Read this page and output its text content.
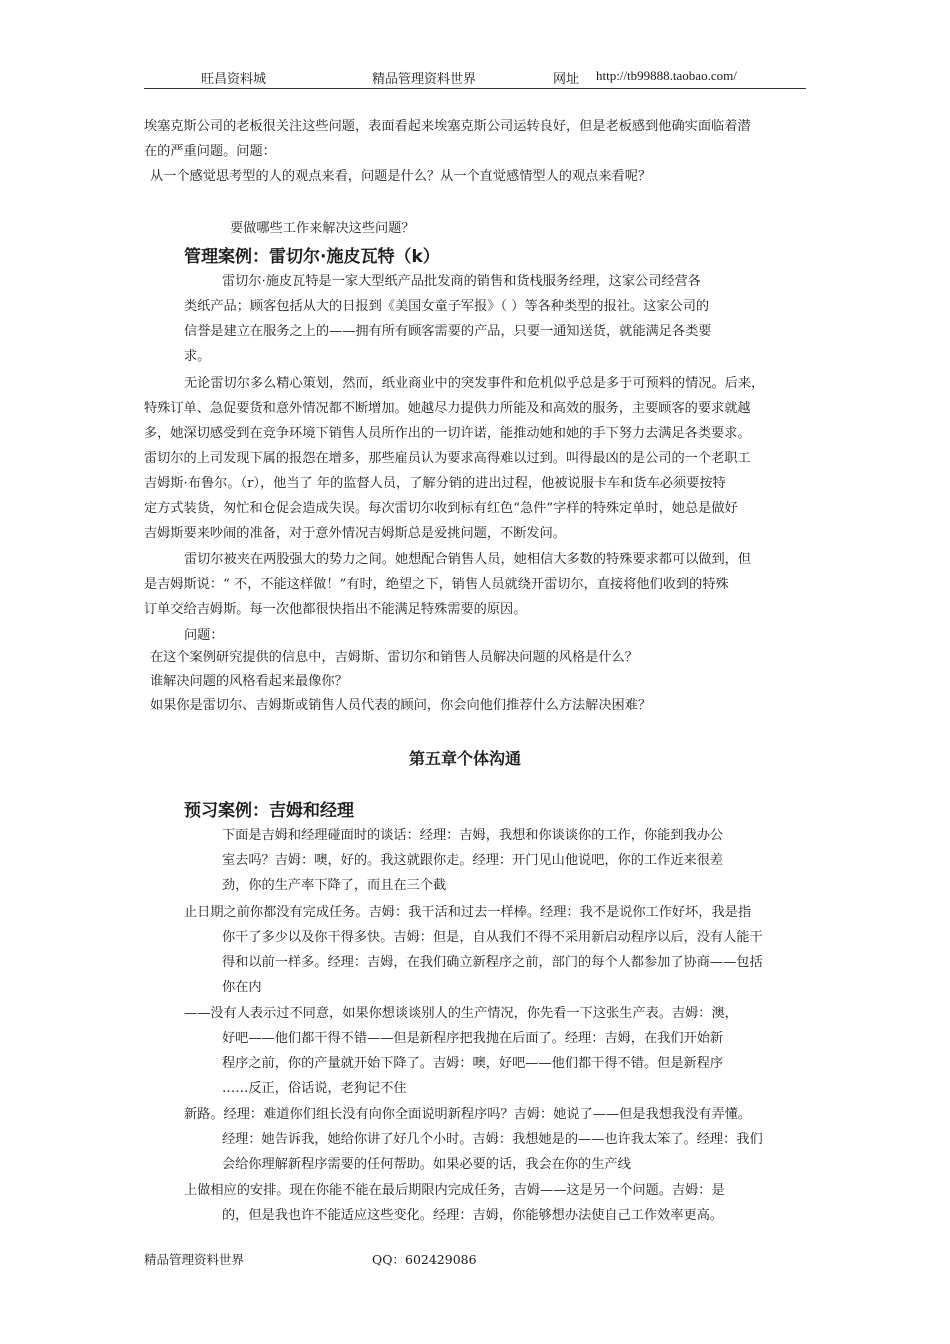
旺昌资料城	精品管理资料世界	网址 http://tb99888.taobao.com/
埃塞克斯公司的老板很关注这些问题，表面看起来埃塞克斯公司运转良好，但是老板感到他确实面临着潜
在的严重问题。问题：
从一个感觉思考型的人的观点来看，问题是什么？从一个直觉感情型人的观点来看呢？
要做哪些工作来解决这些问题？
管理案例：雷切尔·施皮瓦特（k）
雷切尔·施皮瓦特是一家大型纸产品批发商的销售和货栈服务经理，这家公司经营各
类纸产品；顾客包括从大的日报到《美国女童子军报》（ ）等各种类型的报社。这家公司的
信誉是建立在服务之上的——拥有所有顾客需要的产品，只要一通知送货，就能满足各类要
求。
无论雷切尔多么精心策划，然而，纸业商业中的突发事件和危机似乎总是多于可预料的情况。后来，
特殊订单、急促要货和意外情况都不断增加。她越尽力提供力所能及和高效的服务，主要顾客的要求就越
多，她深切感受到在竞争环境下销售人员所作出的一切许诺，能推动她和她的手下努力去满足各类要求。
雷切尔的上司发现下属的报怨在增多，那些雇员认为要求高得难以过到。叫得最凶的是公司的一个老职工
吉姆斯·布鲁尔。（r），他当了 年的监督人员，了解分销的进出过程，他被说服卡车和货车必须要按特
定方式装货，匆忙和仓促会造成失误。每次雷切尔收到标有红色“急件”字样的特殊定单时，她总是做好
吉姆斯要来吵闹的准备，对于意外情况吉姆斯总是爱挑问题，不断发问。
雷切尔被夹在两股强大的势力之间。她想配合销售人员，她相信大多数的特殊要求都可以做到，但
是吉姆斯说：“ 不，不能这样做！”有时，绝望之下，销售人员就绕开雷切尔，直接将他们收到的特殊
订单交给吉姆斯。每一次他都很快指出不能满足特殊需要的原因。
问题：
在这个案例研究提供的信息中，吉姆斯、雷切尔和销售人员解决问题的风格是什么？
谁解决问题的风格看起来最像你？
如果你是雷切尔、吉姆斯或销售人员代表的顾问，你会向他们推荐什么方法解决困难？
第五章个体沟通
预习案例：吉姆和经理
下面是吉姆和经理碰面时的谈话：经理：吉姆，我想和你谈谈你的工作，你能到我办公
室去吗？吉姆：噢，好的。我这就跟你走。经理：开门见山他说吧，你的工作近来很差
劲，你的生产率下降了，而且在三个截
止日期之前你都没有完成任务。吉姆：我干活和过去一样棒。经理：我不是说你工作好坏，我是指
你干了多少以及你干得多快。吉姆：但是，自从我们不得不采用新启动程序以后，没有人能干
得和以前一样多。经理：吉姆，在我们确立新程序之前，部门的每个人都参加了协商——包括
你在内
——没有人表示过不同意，如果你想谈谈别人的生产情况，你先看一下这张生产表。吉姆：澳，
好吧——他们都干得不错——但是新程序把我抛在后面了。经理：吉姆，在我们开始新
程序之前，你的产量就开始下降了。吉姆：噢，好吧——他们都干得不错。但是新程序
……反正，俗话说，老狗记不住
新路。经理：难道你们组长没有向你全面说明新程序吗？吉姆：她说了——但是我想我没有弄懂。
经理：她告诉我，她给你讲了好几个小时。吉姆：我想她是的——也许我太笨了。经理：我们
会给你理解新程序需要的任何帮助。如果必要的话，我会在你的生产线
上做相应的安排。现在你能不能在最后期限内完成任务，吉姆——这是另一个问题。吉姆：是
的，但是我也许不能适应这些变化。经理：吉姆，你能够想办法使自己工作效率更高。
精品管理资料世界	QQ：602429086
